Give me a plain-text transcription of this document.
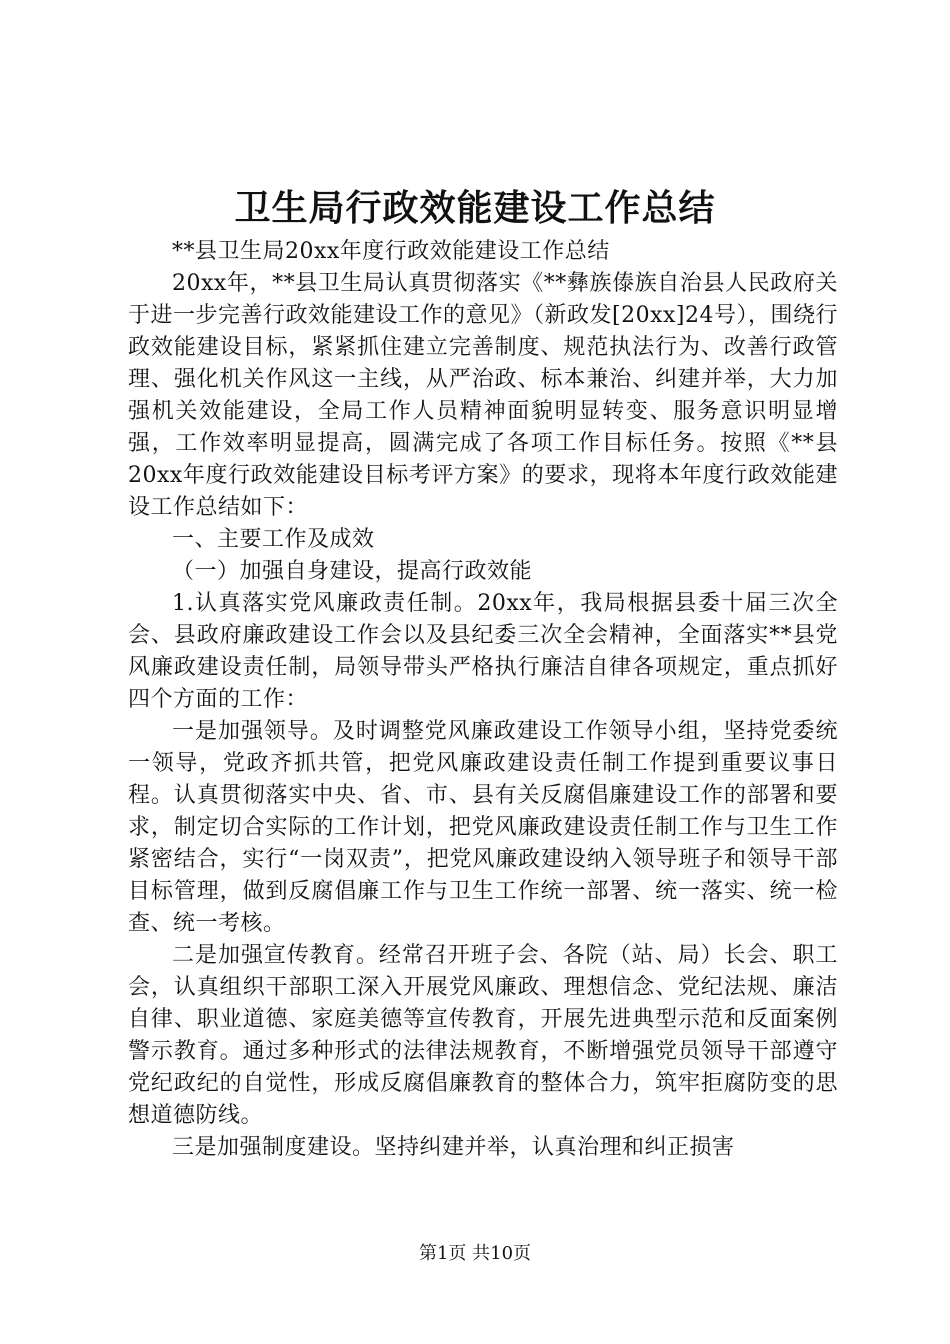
卫生局行政效能建设工作总结

**县卫生局20xx年度行政效能建设工作总结

20xx年，**县卫生局认真贯彻落实《**彝族傣族自治县人民政府关于进一步完善行政效能建设工作的意见》（新政发[20xx]24号），围绕行政效能建设目标，紧紧抓住建立完善制度、规范执法行为、改善行政管理、强化机关作风这一主线，从严治政、标本兼治、纠建并举，大力加强机关效能建设，全局工作人员精神面貌明显转变、服务意识明显增强，工作效率明显提高，圆满完成了各项工作目标任务。按照《**县20xx年度行政效能建设目标考评方案》的要求，现将本年度行政效能建设工作总结如下：

一、主要工作及成效

（一）加强自身建设，提高行政效能

1.认真落实党风廉政责任制。20xx年，我局根据县委十届三次全会、县政府廉政建设工作会以及县纪委三次全会精神，全面落实**县党风廉政建设责任制，局领导带头严格执行廉洁自律各项规定，重点抓好四个方面的工作：

一是加强领导。及时调整党风廉政建设工作领导小组，坚持党委统一领导，党政齐抓共管，把党风廉政建设责任制工作提到重要议事日程。认真贯彻落实中央、省、市、县有关反腐倡廉建设工作的部署和要求，制定切合实际的工作计划，把党风廉政建设责任制工作与卫生工作紧密结合，实行“一岗双责”，把党风廉政建设纳入领导班子和领导干部目标管理，做到反腐倡廉工作与卫生工作统一部署、统一落实、统一检查、统一考核。

二是加强宣传教育。经常召开班子会、各院（站、局）长会、职工会，认真组织干部职工深入开展党风廉政、理想信念、党纪法规、廉洁自律、职业道德、家庭美德等宣传教育，开展先进典型示范和反面案例警示教育。通过多种形式的法律法规教育，不断增强党员领导干部遵守党纪政纪的自觉性，形成反腐倡廉教育的整体合力，筑牢拒腐防变的思想道德防线。

三是加强制度建设。坚持纠建并举，认真治理和纠正损害

第1页 共10页
